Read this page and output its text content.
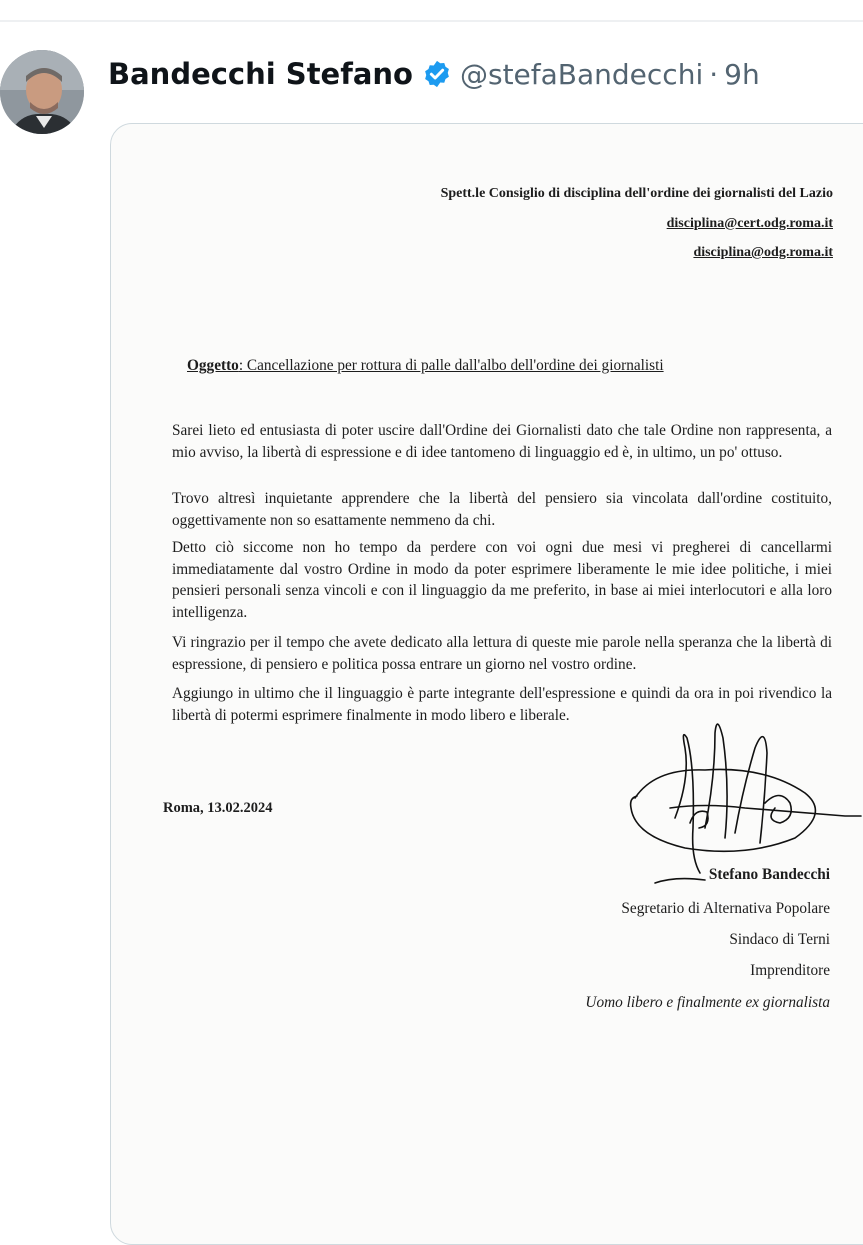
Bandecchi Stefano @stefaBandecchi · 9h
Spett.le Consiglio di disciplina dell'ordine dei giornalisti del Lazio
disciplina@cert.odg.roma.it
disciplina@odg.roma.it
Oggetto: Cancellazione per rottura di palle dall'albo dell'ordine dei giornalisti
Sarei lieto ed entusiasta di poter uscire dall'Ordine dei Giornalisti dato che tale Ordine non rappresenta, a mio avviso, la libertà di espressione e di idee tantomeno di linguaggio ed è, in ultimo, un po' ottuso.
Trovo altresì inquietante apprendere che la libertà del pensiero sia vincolata dall'ordine costituito, oggettivamente non so esattamente nemmeno da chi.
Detto ciò siccome non ho tempo da perdere con voi ogni due mesi vi pregherei di cancellarmi immediatamente dal vostro Ordine in modo da poter esprimere liberamente le mie idee politiche, i miei pensieri personali senza vincoli e con il linguaggio da me preferito, in base ai miei interlocutori e alla loro intelligenza.
Vi ringrazio per il tempo che avete dedicato alla lettura di queste mie parole nella speranza che la libertà di espressione, di pensiero e politica possa entrare un giorno nel vostro ordine.
Aggiungo in ultimo che il linguaggio è parte integrante dell'espressione e quindi da ora in poi rivendico la libertà di potermi esprimere finalmente in modo libero e liberale.
Roma, 13.02.2024
Stefano Bandecchi
Segretario di Alternativa Popolare
Sindaco di Terni
Imprenditore
Uomo libero e finalmente ex giornalista
